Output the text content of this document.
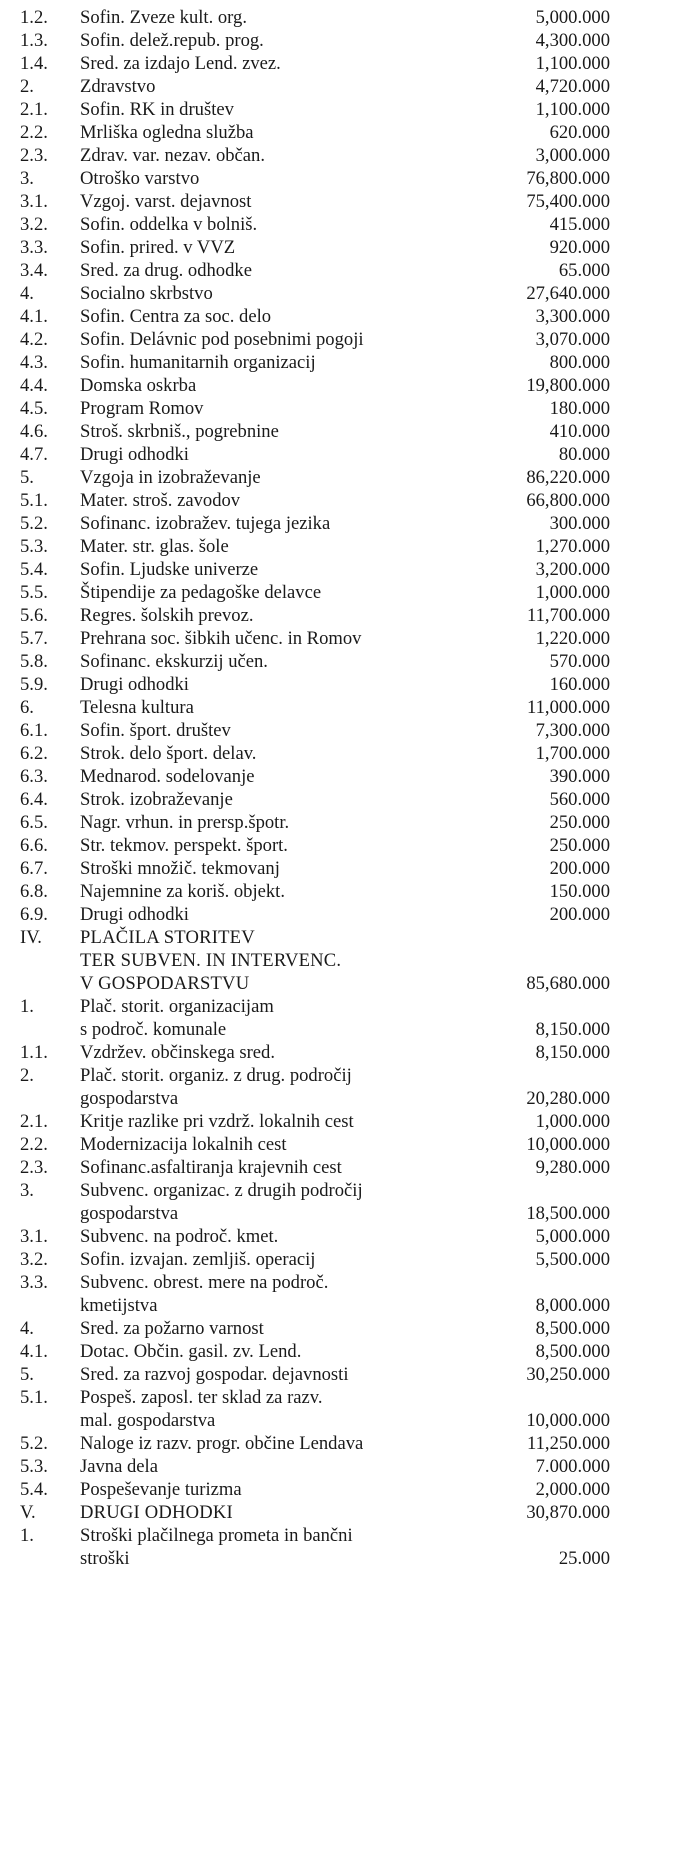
1.2.	Sofin. Zveze kult. org.	5,000.000
1.3.	Sofin. delež.repub. prog.	4,300.000
1.4.	Sred. za izdajo Lend. zvez.	1,100.000
2.	Zdravstvo	4,720.000
2.1.	Sofin. RK in društev	1,100.000
2.2.	Mrliška ogledna služba	620.000
2.3.	Zdrav. var. nezav. občan.	3,000.000
3.	Otroško varstvo	76,800.000
3.1.	Vzgoj. varst. dejavnost	75,400.000
3.2.	Sofin. oddelka v bolniš.	415.000
3.3.	Sofin. prired. v VVZ	920.000
3.4.	Sred. za drug. odhodke	65.000
4.	Socialno skrbstvo	27,640.000
4.1.	Sofin. Centra za soc. delo	3,300.000
4.2.	Sofin. Delávnic pod posebnimi pogoji	3,070.000
4.3.	Sofin. humanitarnih organizacij	800.000
4.4.	Domska oskrba	19,800.000
4.5.	Program Romov	180.000
4.6.	Stroš. skrbniš., pogrebnine	410.000
4.7.	Drugi odhodki	80.000
5.	Vzgoja in izobraževanje	86,220.000
5.1.	Mater. stroš. zavodov	66,800.000
5.2.	Sofinanc. izobražev. tujega jezika	300.000
5.3.	Mater. str. glas. šole	1,270.000
5.4.	Sofin. Ljudske univerze	3,200.000
5.5.	Štipendije za pedagoške delavce	1,000.000
5.6.	Regres. šolskih prevoz.	11,700.000
5.7.	Prehrana soc. šibkih učenc. in Romov	1,220.000
5.8.	Sofinanc. ekskurzij učen.	570.000
5.9.	Drugi odhodki	160.000
6.	Telesna kultura	11,000.000
6.1.	Sofin. šport. društev	7,300.000
6.2.	Strok. delo šport. delav.	1,700.000
6.3.	Mednarod. sodelovanje	390.000
6.4.	Strok. izobraževanje	560.000
6.5.	Nagr. vrhun. in prersp.špotr.	250.000
6.6.	Str. tekmov. perspekt. šport.	250.000
6.7.	Stroški množič. tekmovanj	200.000
6.8.	Najemnine za koriš. objekt.	150.000
6.9.	Drugi odhodki	200.000
IV.	PLAČILA STORITEV
TER SUBVEN. IN INTERVENC.
V GOSPODARSTVU	85,680.000
1.	Plač. storit. organizacijam
s področ. komunale	8,150.000
1.1.	Vzdržev. občinskega sred.	8,150.000
2.	Plač. storit. organiz. z drug. področij
gospodarstva	20,280.000
2.1.	Kritje razlike pri vzdrž. lokalnih cest	1,000.000
2.2.	Modernizacija lokalnih cest	10,000.000
2.3.	Sofinanc.asfaltiranja krajevnih cest	9,280.000
3.	Subvenc. organizac. z drugih področij
gospodarstva	18,500.000
3.1.	Subvenc. na področ. kmet.	5,000.000
3.2.	Sofin. izvajan. zemljiš. operacij	5,500.000
3.3.	Subvenc. obrest. mere na področ.
kmetijstva	8,000.000
4.	Sred. za požarno varnost	8,500.000
4.1.	Dotac. Občin. gasil. zv. Lend.	8,500.000
5.	Sred. za razvoj gospodar. dejavnosti	30,250.000
5.1.	Pospeš. zaposl. ter sklad za razv.
mal. gospodarstva	10,000.000
5.2.	Naloge iz razv. progr. občine Lendava	11,250.000
5.3.	Javna dela	7.000.000
5.4.	Pospeševanje turizma	2,000.000
V.	DRUGI ODHODKI	30,870.000
1.	Stroški plačilnega prometa in bančni
stroški	25.000
